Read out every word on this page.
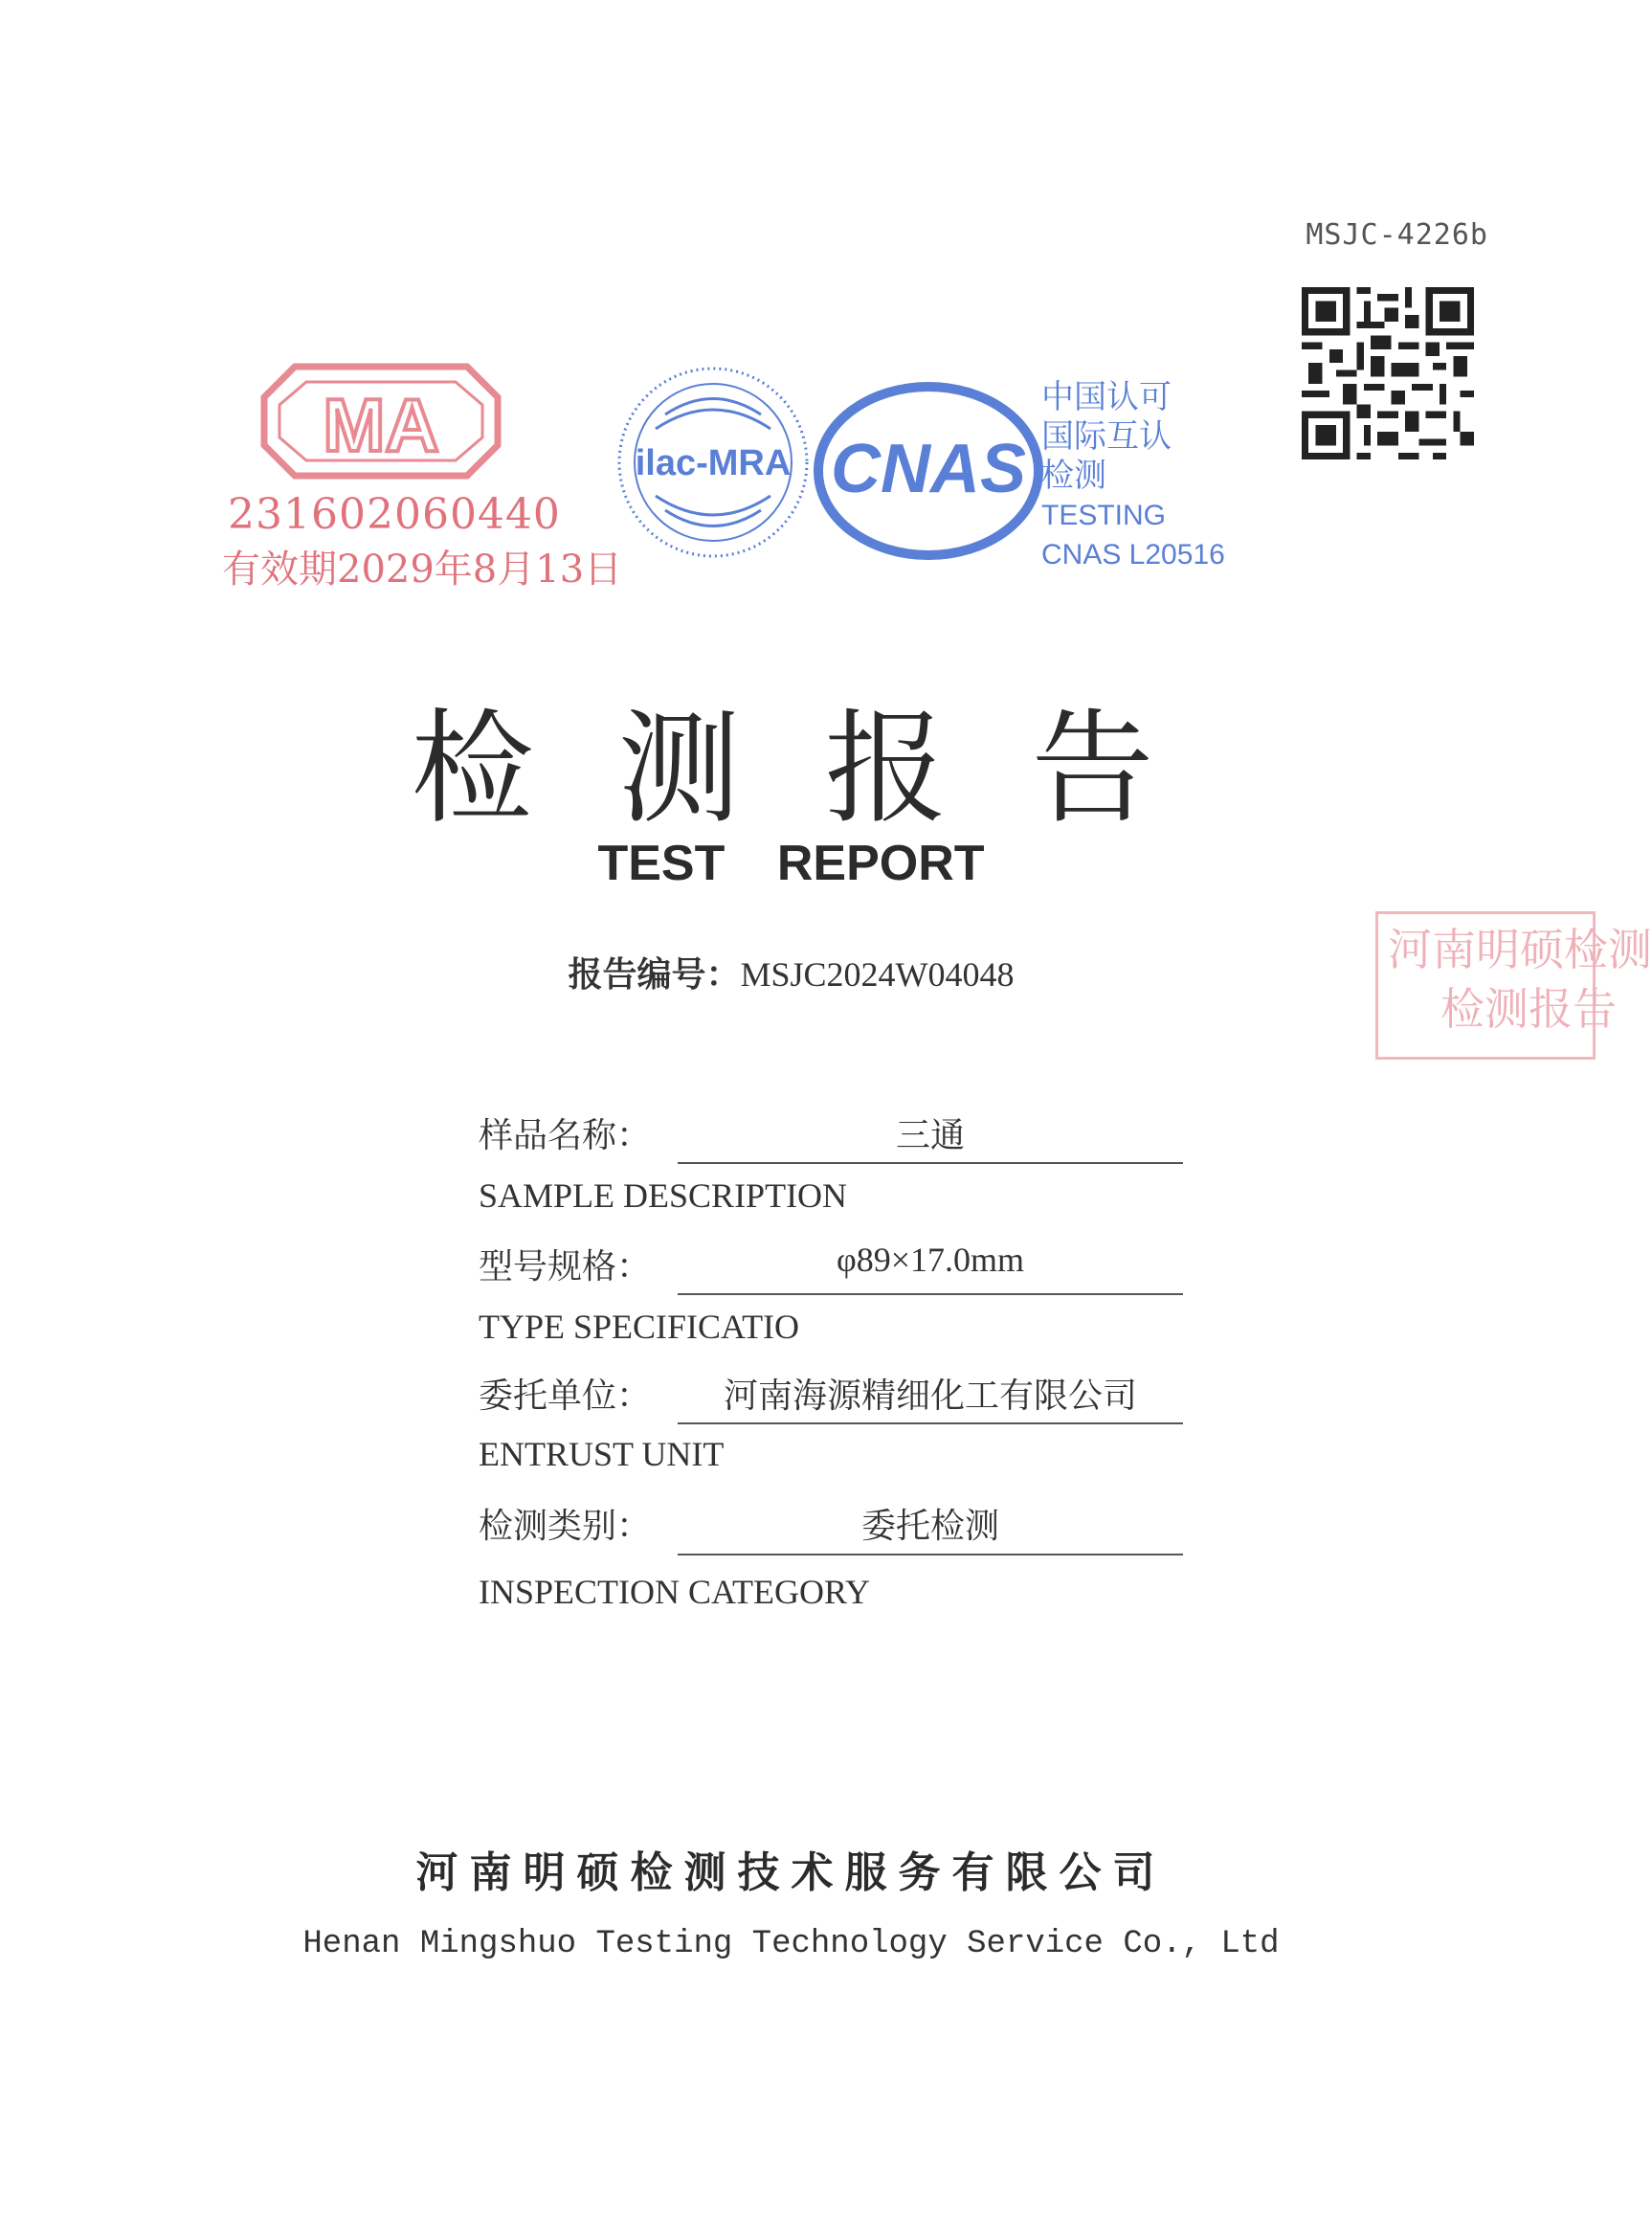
MSJC-4226b
MA
231602060440
有效期2029年8月13日
ilac-MRA CNAS
中国认可
国际互认
检测
TESTING
CNAS L20516
河南明硕检测
检测报告
检测报告
TEST REPORT
报告编号：MSJC2024W04048
样品名称：	三通
SAMPLE DESCRIPTION
型号规格：	φ89×17.0mm
TYPE SPECIFICATIO
委托单位：	河南海源精细化工有限公司
ENTRUST UNIT
检测类别：	委托检测
INSPECTION CATEGORY
河南明硕检测技术服务有限公司
Henan Mingshuo Testing Technology Service Co., Ltd
